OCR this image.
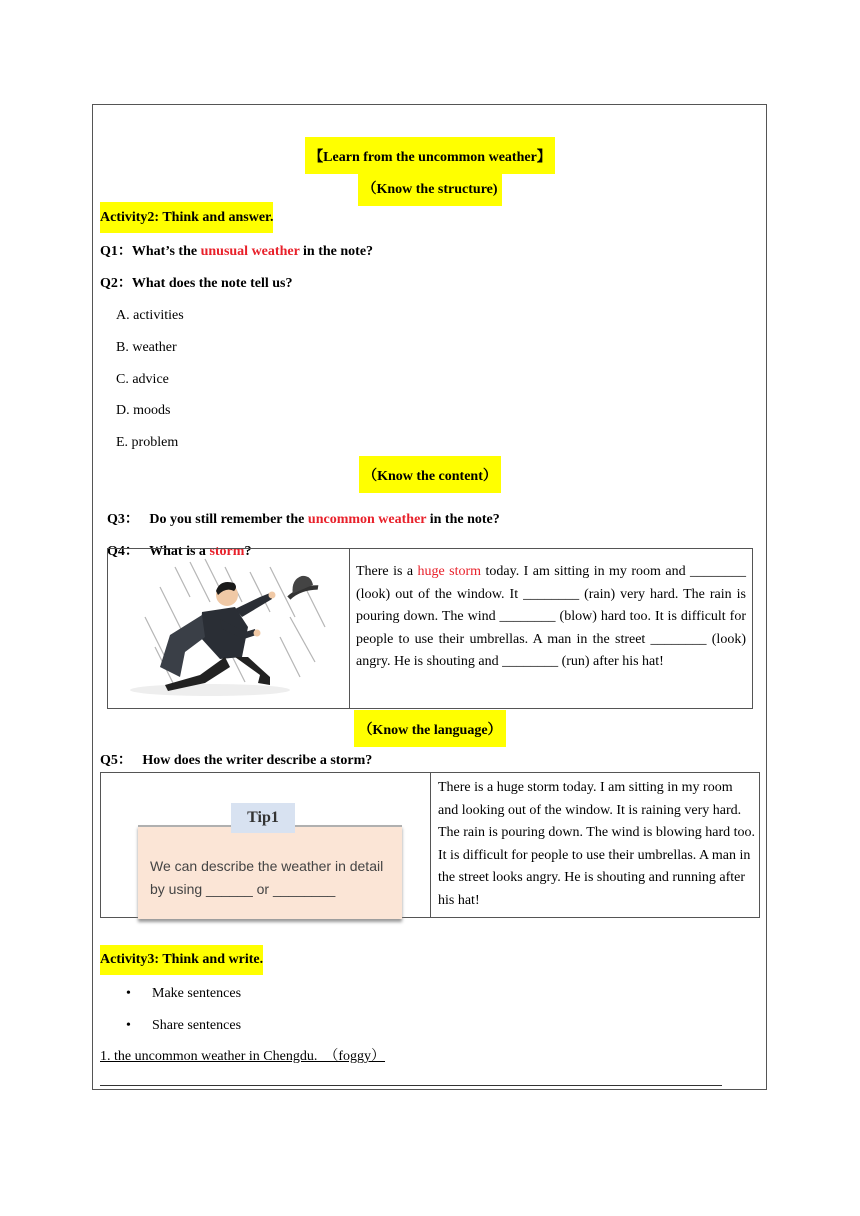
【Learn from the uncommon weather】
（Know the structure)
Activity2: Think and answer.
Q1：What’s the unusual weather in the note?
Q2：What does the note tell us?
A. activities
B. weather
C. advice
D. moods
E. problem
（Know the content）

Q3：   Do you still remember the uncommon weather in the note?

Q4：   What is a storm?

There is a huge storm today. I am sitting in my room and ________ (look) out of the window. It ________ (rain) very hard. The rain is pouring down. The wind ________ (blow) hard too. It is difficult for people to use their umbrellas. A man in the street ________ (look) angry. He is shouting and ________ (run) after his hat!
（Know the language）
Q5：   How does the writer describe a storm?
Tip1
We can describe the weather in detail by using ______ or ________
There is a huge storm today. I am sitting in my room and looking out of the window. It is raining very hard. The rain is pouring down. The wind is blowing hard too. It is difficult for people to use their umbrellas. A man in the street looks angry. He is shouting and running after his hat!
Activity3: Think and write.
• Make sentences
• Share sentences
1. the uncommon weather in Chengdu.  （foggy）
